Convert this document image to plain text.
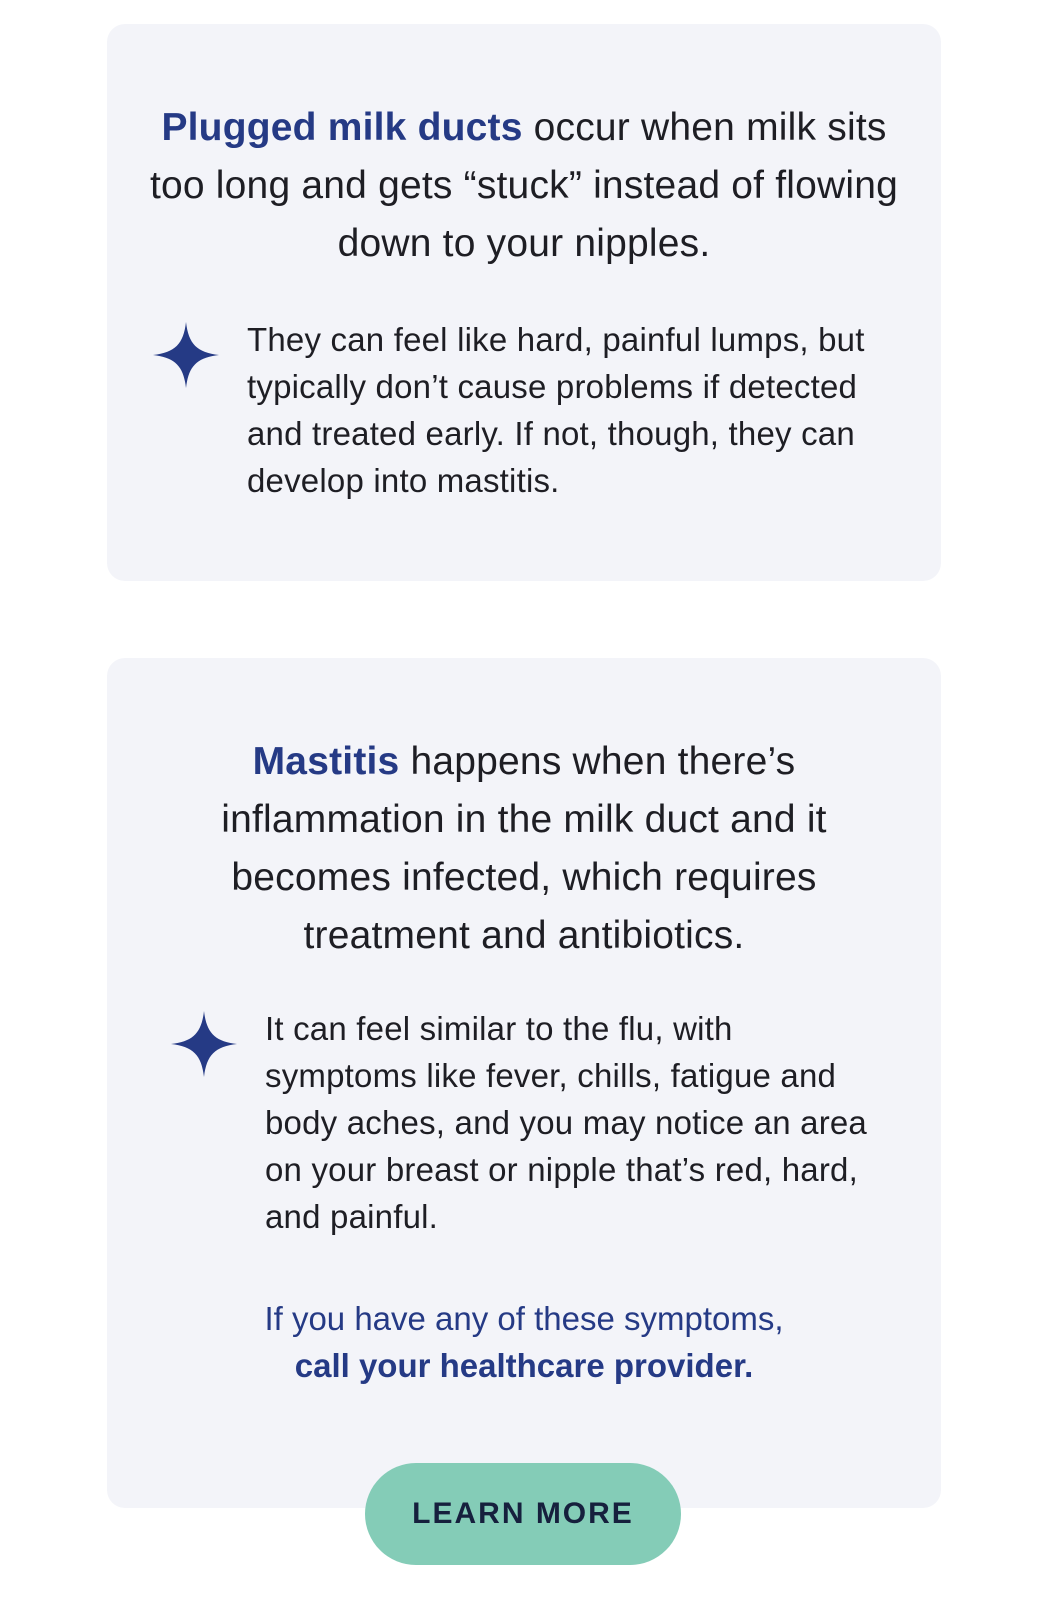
Plugged milk ducts occur when milk sits too long and gets “stuck” instead of flowing down to your nipples.

They can feel like hard, painful lumps, but typically don’t cause problems if detected and treated early. If not, though, they can develop into mastitis.

Mastitis happens when there’s inflammation in the milk duct and it becomes infected, which requires treatment and antibiotics.

It can feel similar to the flu, with symptoms like fever, chills, fatigue and body aches, and you may notice an area on your breast or nipple that’s red, hard, and painful.

If you have any of these symptoms,
call your healthcare provider.

LEARN MORE
